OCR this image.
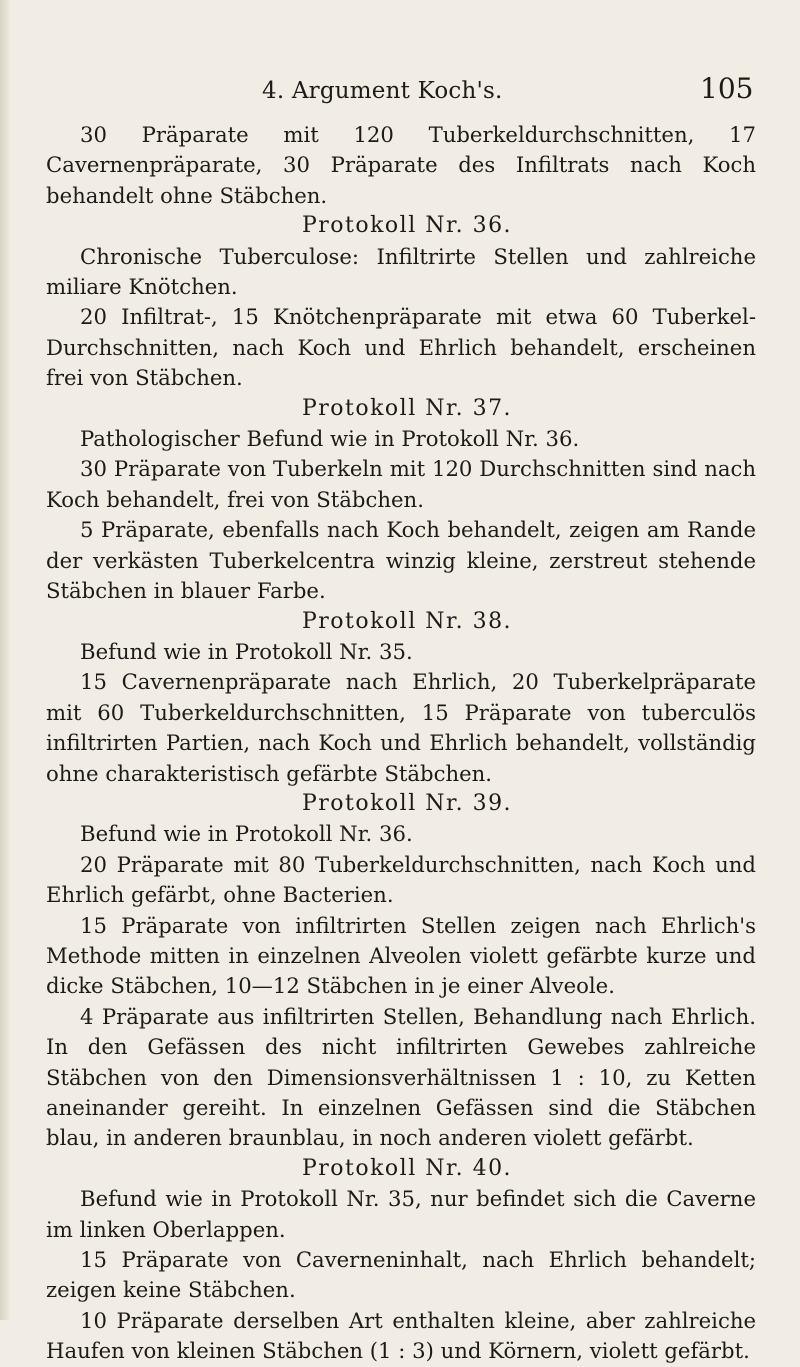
4. Argument Koch's.	105

30 Präparate mit 120 Tuberkeldurchschnitten, 17 Cavernenpräparate, 30 Präparate des Infiltrats nach Koch behandelt ohne Stäbchen.

Protokoll Nr. 36.

Chronische Tuberculose: Infiltrirte Stellen und zahlreiche miliare Knötchen.

20 Infiltrat-, 15 Knötchenpräparate mit etwa 60 Tuberkel-Durchschnitten, nach Koch und Ehrlich behandelt, erscheinen frei von Stäbchen.

Protokoll Nr. 37.

Pathologischer Befund wie in Protokoll Nr. 36.

30 Präparate von Tuberkeln mit 120 Durchschnitten sind nach Koch behandelt, frei von Stäbchen.

5 Präparate, ebenfalls nach Koch behandelt, zeigen am Rande der verkästen Tuberkelcentra winzig kleine, zerstreut stehende Stäbchen in blauer Farbe.

Protokoll Nr. 38.

Befund wie in Protokoll Nr. 35.

15 Cavernenpräparate nach Ehrlich, 20 Tuberkelpräparate mit 60 Tuberkeldurchschnitten, 15 Präparate von tuberculös infiltrirten Partien, nach Koch und Ehrlich behandelt, vollständig ohne charakteristisch gefärbte Stäbchen.

Protokoll Nr. 39.

Befund wie in Protokoll Nr. 36.

20 Präparate mit 80 Tuberkeldurchschnitten, nach Koch und Ehrlich gefärbt, ohne Bacterien.

15 Präparate von infiltrirten Stellen zeigen nach Ehrlich's Methode mitten in einzelnen Alveolen violett gefärbte kurze und dicke Stäbchen, 10—12 Stäbchen in je einer Alveole.

4 Präparate aus infiltrirten Stellen, Behandlung nach Ehrlich. In den Gefässen des nicht infiltrirten Gewebes zahlreiche Stäbchen von den Dimensionsverhältnissen 1 : 10, zu Ketten aneinander gereiht. In einzelnen Gefässen sind die Stäbchen blau, in anderen braunblau, in noch anderen violett gefärbt.

Protokoll Nr. 40.

Befund wie in Protokoll Nr. 35, nur befindet sich die Caverne im linken Oberlappen.

15 Präparate von Caverneninhalt, nach Ehrlich behandelt; zeigen keine Stäbchen.

10 Präparate derselben Art enthalten kleine, aber zahlreiche Haufen von kleinen Stäbchen (1 : 3) und Körnern, violett gefärbt.
